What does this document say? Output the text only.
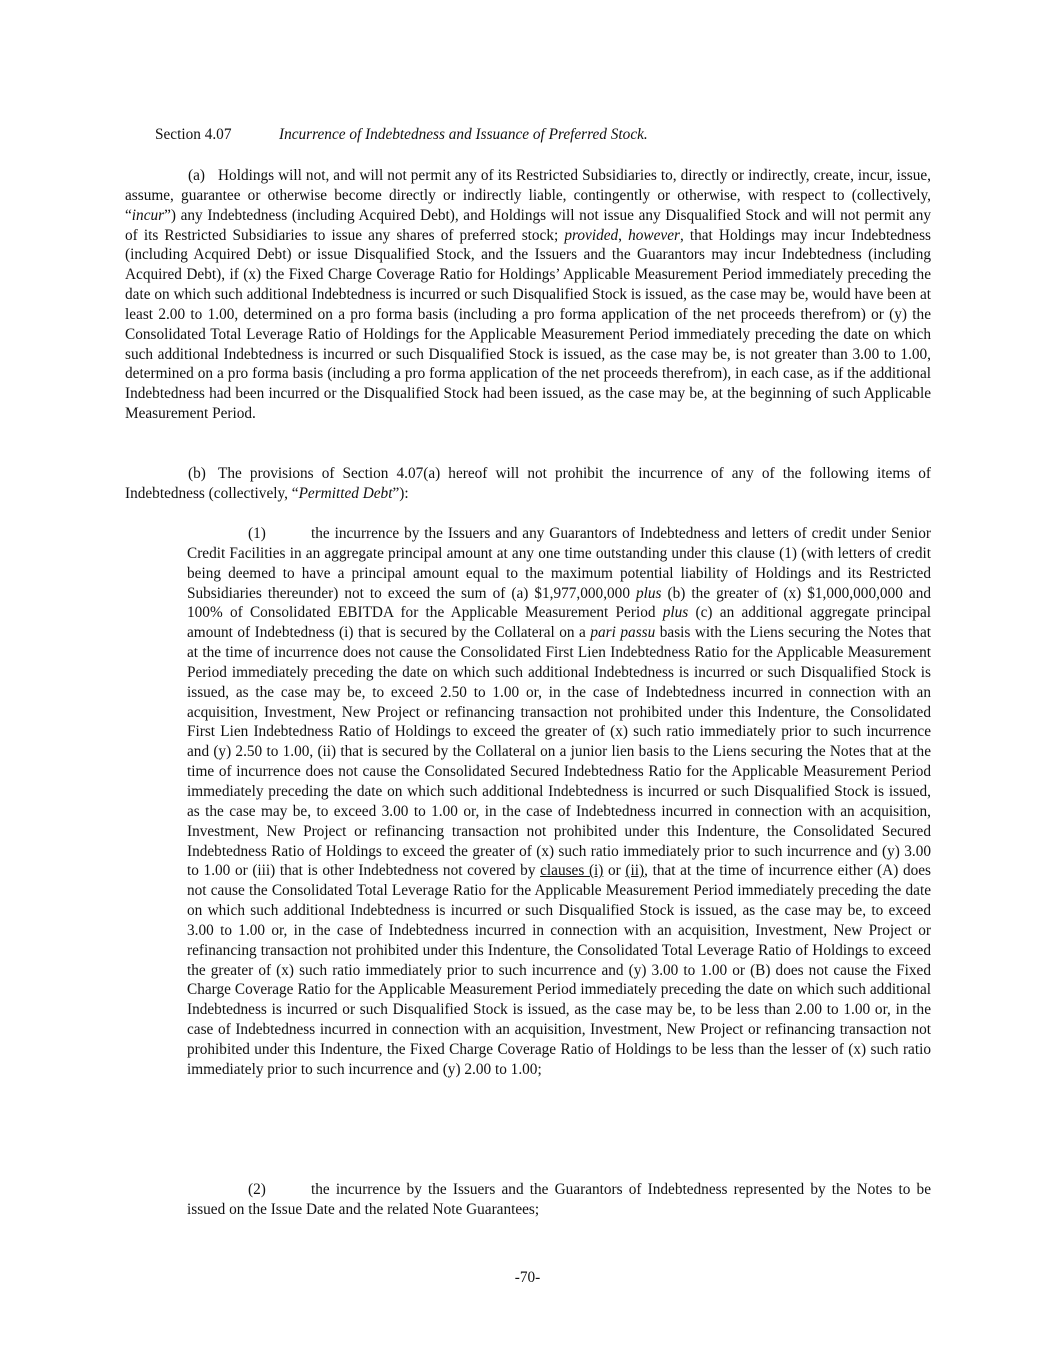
Section 4.07	Incurrence of Indebtedness and Issuance of Preferred Stock.

(a) Holdings will not, and will not permit any of its Restricted Subsidiaries to, directly or indirectly, create, incur, issue, assume, guarantee or otherwise become directly or indirectly liable, contingently or otherwise, with respect to (collectively, “incur”) any Indebtedness (including Acquired Debt), and Holdings will not issue any Disqualified Stock and will not permit any of its Restricted Subsidiaries to issue any shares of preferred stock; provided, however, that Holdings may incur Indebtedness (including Acquired Debt) or issue Disqualified Stock, and the Issuers and the Guarantors may incur Indebtedness (including Acquired Debt), if (x) the Fixed Charge Coverage Ratio for Holdings’ Applicable Measurement Period immediately preceding the date on which such additional Indebtedness is incurred or such Disqualified Stock is issued, as the case may be, would have been at least 2.00 to 1.00, determined on a pro forma basis (including a pro forma application of the net proceeds therefrom) or (y) the Consolidated Total Leverage Ratio of Holdings for the Applicable Measurement Period immediately preceding the date on which such additional Indebtedness is incurred or such Disqualified Stock is issued, as the case may be, is not greater than 3.00 to 1.00, determined on a pro forma basis (including a pro forma application of the net proceeds therefrom), in each case, as if the additional Indebtedness had been incurred or the Disqualified Stock had been issued, as the case may be, at the beginning of such Applicable Measurement Period.

(b) The provisions of Section 4.07(a) hereof will not prohibit the incurrence of any of the following items of Indebtedness (collectively, “Permitted Debt”):

(1)	the incurrence by the Issuers and any Guarantors of Indebtedness and letters of credit under Senior Credit Facilities in an aggregate principal amount at any one time outstanding under this clause (1) (with letters of credit being deemed to have a principal amount equal to the maximum potential liability of Holdings and its Restricted Subsidiaries thereunder) not to exceed the sum of (a) $1,977,000,000 plus (b) the greater of (x) $1,000,000,000 and 100% of Consolidated EBITDA for the Applicable Measurement Period plus (c) an additional aggregate principal amount of Indebtedness (i) that is secured by the Collateral on a pari passu basis with the Liens securing the Notes that at the time of incurrence does not cause the Consolidated First Lien Indebtedness Ratio for the Applicable Measurement Period immediately preceding the date on which such additional Indebtedness is incurred or such Disqualified Stock is issued, as the case may be, to exceed 2.50 to 1.00 or, in the case of Indebtedness incurred in connection with an acquisition, Investment, New Project or refinancing transaction not prohibited under this Indenture, the Consolidated First Lien Indebtedness Ratio of Holdings to exceed the greater of (x) such ratio immediately prior to such incurrence and (y) 2.50 to 1.00, (ii) that is secured by the Collateral on a junior lien basis to the Liens securing the Notes that at the time of incurrence does not cause the Consolidated Secured Indebtedness Ratio for the Applicable Measurement Period immediately preceding the date on which such additional Indebtedness is incurred or such Disqualified Stock is issued, as the case may be, to exceed 3.00 to 1.00 or, in the case of Indebtedness incurred in connection with an acquisition, Investment, New Project or refinancing transaction not prohibited under this Indenture, the Consolidated Secured Indebtedness Ratio of Holdings to exceed the greater of (x) such ratio immediately prior to such incurrence and (y) 3.00 to 1.00 or (iii) that is other Indebtedness not covered by clauses (i) or (ii), that at the time of incurrence either (A) does not cause the Consolidated Total Leverage Ratio for the Applicable Measurement Period immediately preceding the date on which such additional Indebtedness is incurred or such Disqualified Stock is issued, as the case may be, to exceed 3.00 to 1.00 or, in the case of Indebtedness incurred in connection with an acquisition, Investment, New Project or refinancing transaction not prohibited under this Indenture, the Consolidated Total Leverage Ratio of Holdings to exceed the greater of (x) such ratio immediately prior to such incurrence and (y) 3.00 to 1.00 or (B) does not cause the Fixed Charge Coverage Ratio for the Applicable Measurement Period immediately preceding the date on which such additional Indebtedness is incurred or such Disqualified Stock is issued, as the case may be, to be less than 2.00 to 1.00 or, in the case of Indebtedness incurred in connection with an acquisition, Investment, New Project or refinancing transaction not prohibited under this Indenture, the Fixed Charge Coverage Ratio of Holdings to be less than the lesser of (x) such ratio immediately prior to such incurrence and (y) 2.00 to 1.00;

(2)	the incurrence by the Issuers and the Guarantors of Indebtedness represented by the Notes to be issued on the Issue Date and the related Note Guarantees;

-70-
